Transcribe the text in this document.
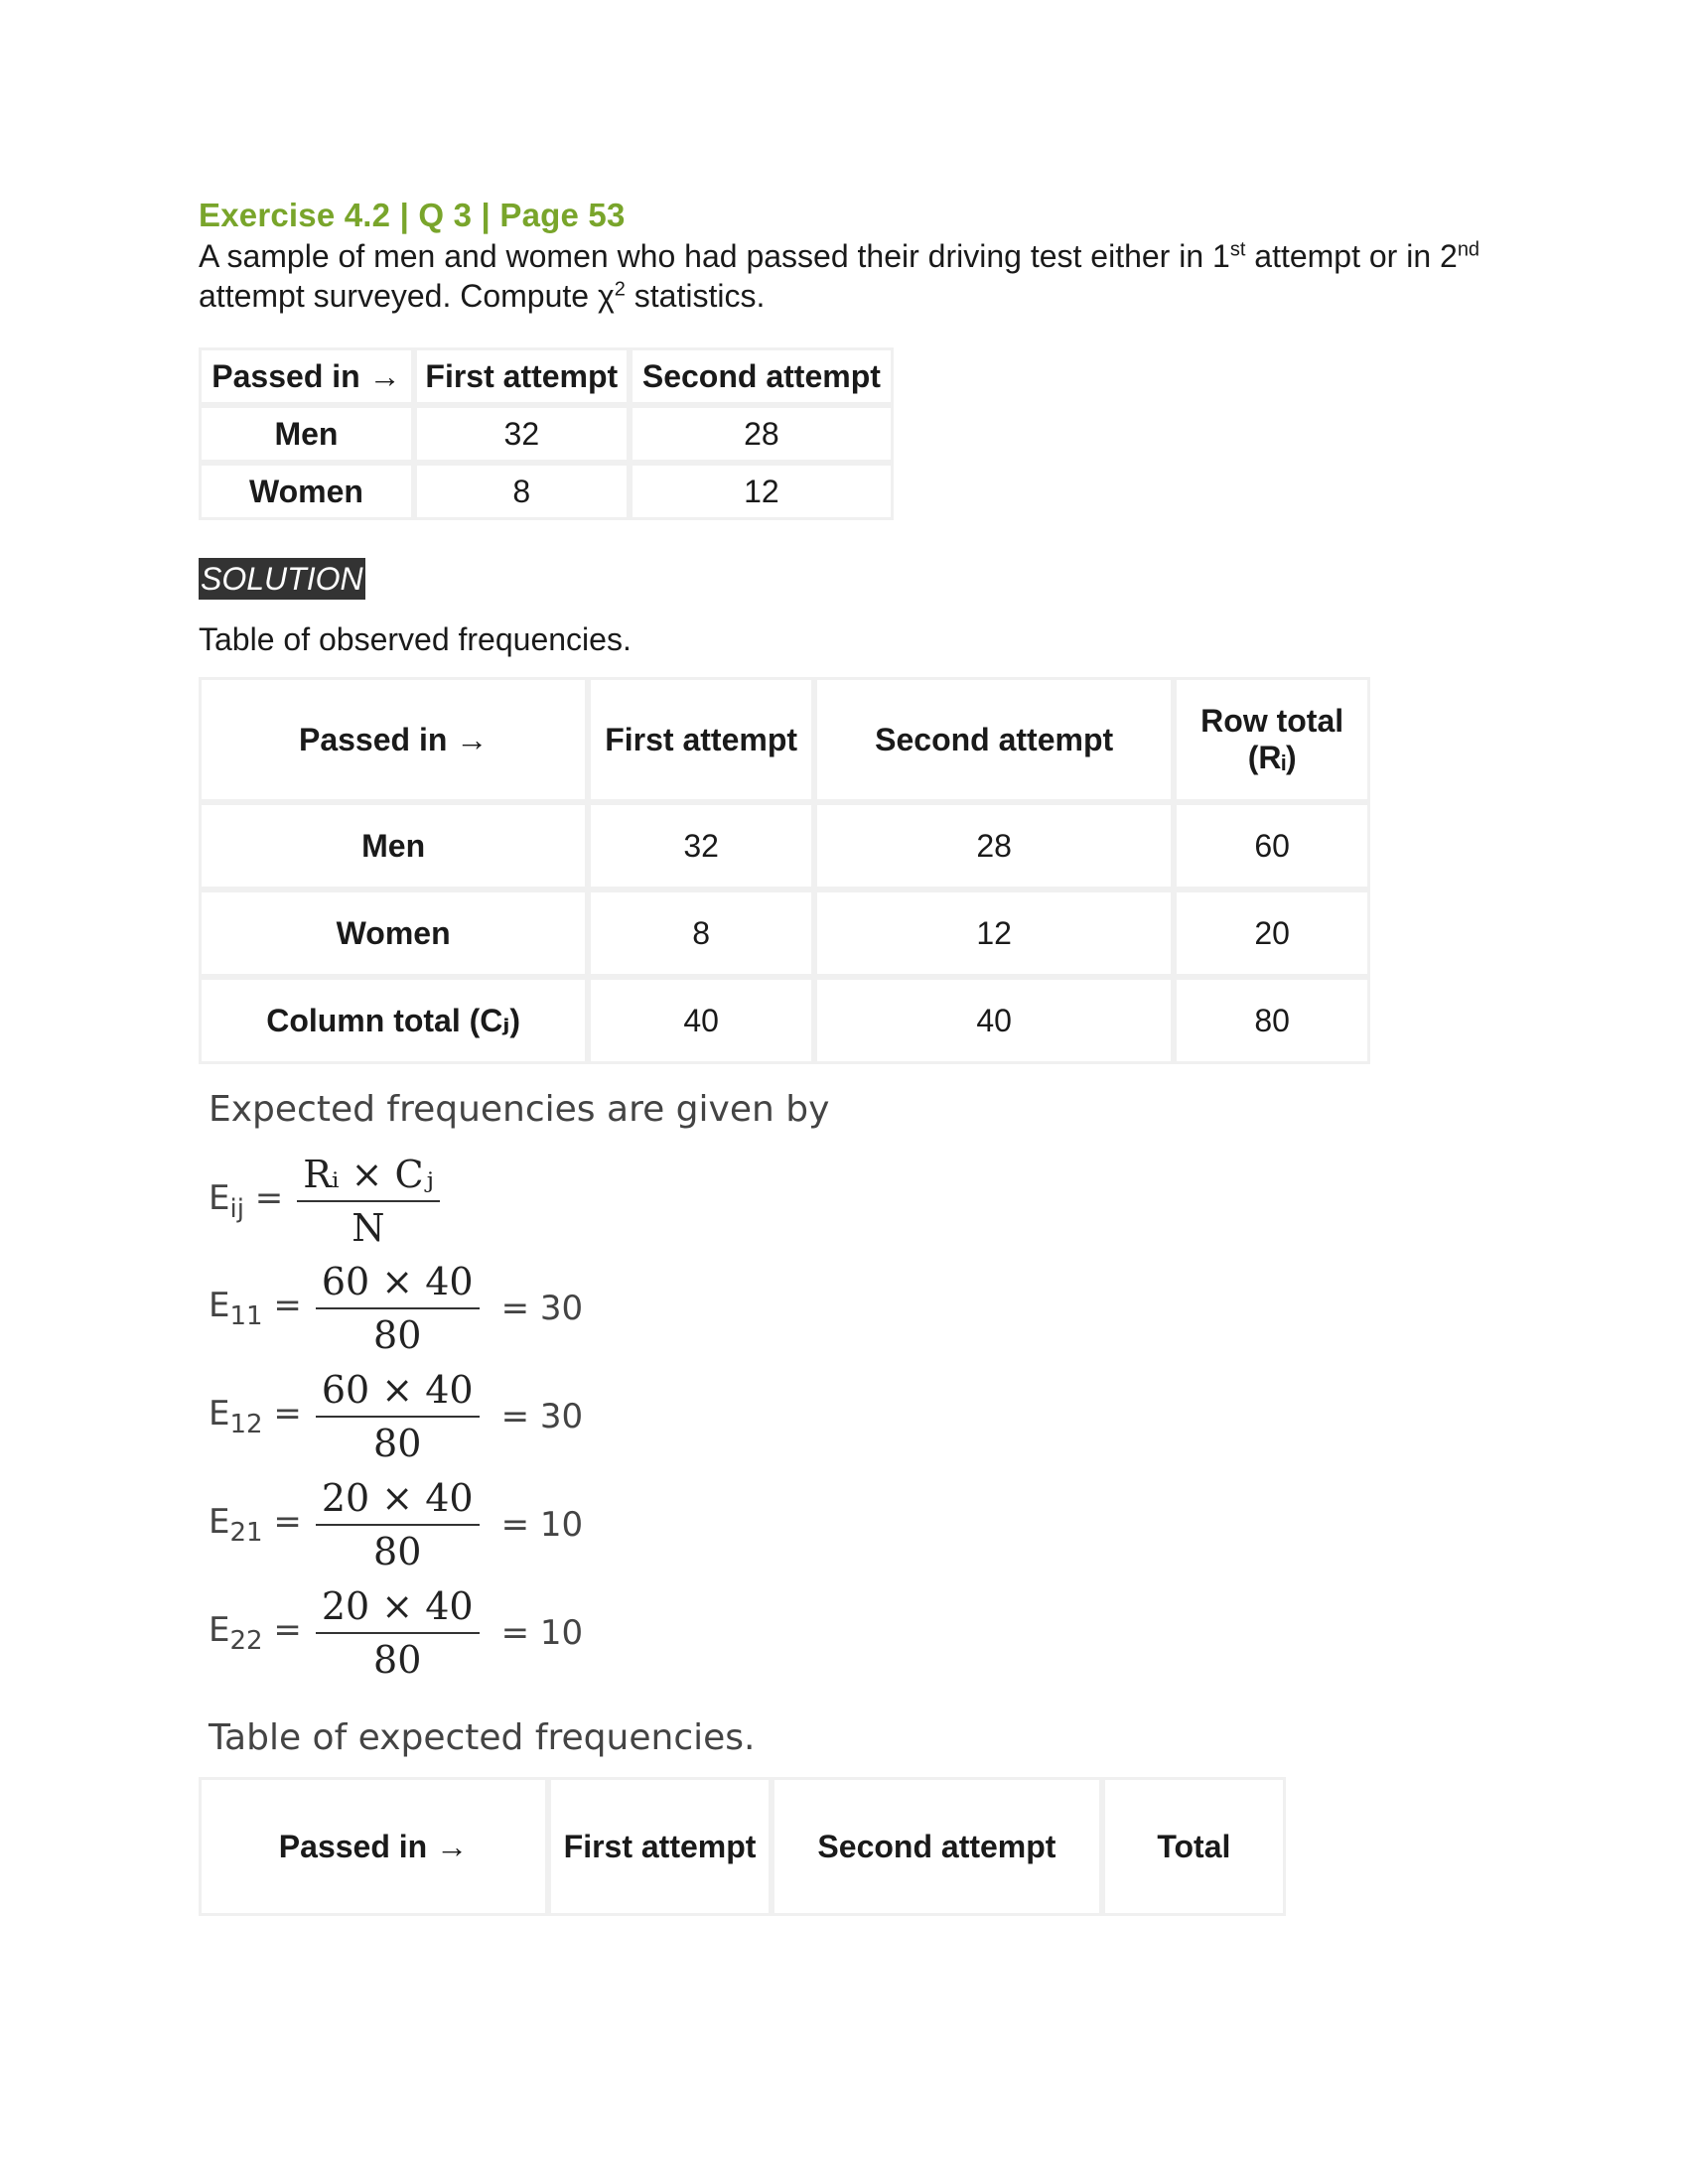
Exercise 4.2 | Q 3 | Page 53
A sample of men and women who had passed their driving test either in 1st attempt or in 2nd attempt surveyed. Compute $\chi^2$ statistics.
Passed in →	First attempt	Second attempt
Men	32	28
Women	8	12
SOLUTION
Table of observed frequencies.
Passed in →	First attempt	Second attempt	Row total
(Rᵢ)
Men	32	28	60
Women	8	12	20
Column total (Cⱼ)	40	40	80
Expected frequencies are given by
$E_{ij} = \frac{\text{Rᵢ × Cⱼ}}{N}$
$E_{11} = \frac{60 \times 40}{80} = 30$
$E_{12} = \frac{60 \times 40}{80} = 30$
$E_{21} = \frac{20 \times 40}{80} = 10$
$E_{22} = \frac{20 \times 40}{80} = 10$
Table of expected frequencies.
Passed in →	First attempt	Second attempt	Total
